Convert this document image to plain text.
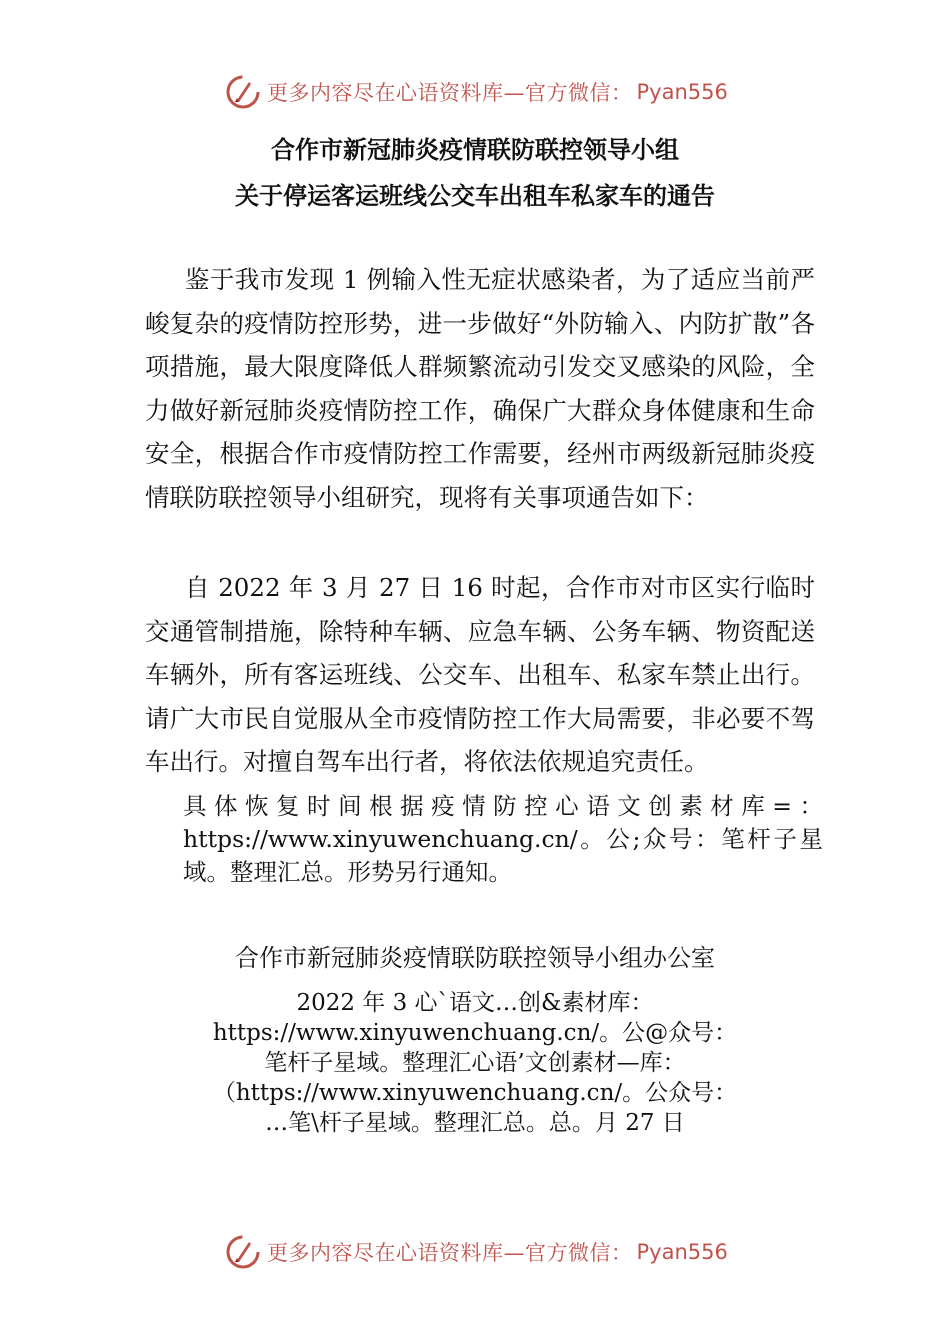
更多内容尽在心语资料库—官方微信： Pyan556
合作市新冠肺炎疫情联防联控领导小组
关于停运客运班线公交车出租车私家车的通告

鉴于我市发现 1 例输入性无症状感染者，为了适应当前严峻复杂的疫情防控形势，进一步做好“外防输入、内防扩散”各项措施，最大限度降低人群频繁流动引发交叉感染的风险，全力做好新冠肺炎疫情防控工作，确保广大群众身体健康和生命安全，根据合作市疫情防控工作需要，经州市两级新冠肺炎疫情联防联控领导小组研究，现将有关事项通告如下：

自 2022 年 3 月 27 日 16 时起，合作市对市区实行临时交通管制措施，除特种车辆、应急车辆、公务车辆、物资配送车辆外，所有客运班线、公交车、出租车、私家车禁止出行。请广大市民自觉服从全市疫情防控工作大局需要，非必要不驾车出行。对擅自驾车出行者，将依法依规追究责任。

具体恢复时间根据疫情防控心语文创素材库=：https://www.xinyuwenchuang.cn/。公;众号：笔杆子星域。整理汇总。形势另行通知。

合作市新冠肺炎疫情联防联控领导小组办公室
2022 年 3 心`语文…创&素材库：
https://www.xinyuwenchuang.cn/。公@众号：
笔杆子星域。整理汇心语’文创素材—库：
（https://www.xinyuwenchuang.cn/。公众号：
…笔\杆子星域。整理汇总。总。月 27 日
更多内容尽在心语资料库—官方微信： Pyan556
